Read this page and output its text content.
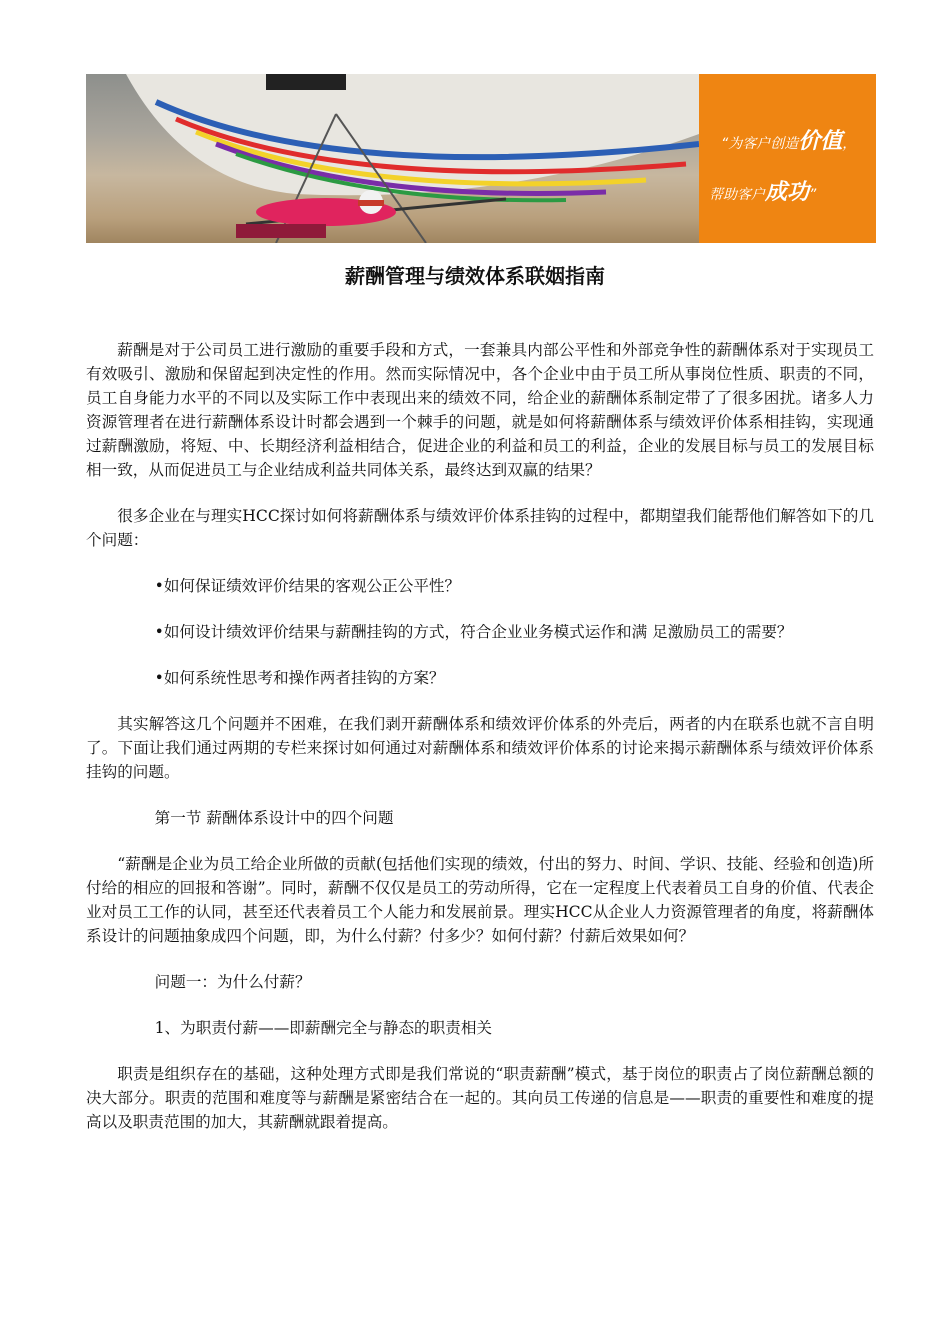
“为客户创造价值，
帮助客户成功”
薪酬管理与绩效体系联姻指南

薪酬是对于公司员工进行激励的重要手段和方式，一套兼具内部公平性和外部竞争性的薪酬体系对于实现员工有效吸引、激励和保留起到决定性的作用。然而实际情况中，各个企业中由于员工所从事岗位性质、职责的不同，员工自身能力水平的不同以及实际工作中表现出来的绩效不同，给企业的薪酬体系制定带了了很多困扰。诸多人力资源管理者在进行薪酬体系设计时都会遇到一个棘手的问题，就是如何将薪酬体系与绩效评价体系相挂钩，实现通过薪酬激励，将短、中、长期经济利益相结合，促进企业的利益和员工的利益，企业的发展目标与员工的发展目标相一致，从而促进员工与企业结成利益共同体关系，最终达到双赢的结果？

很多企业在与理实HCC探讨如何将薪酬体系与绩效评价体系挂钩的过程中，都期望我们能帮他们解答如下的几个问题：

•如何保证绩效评价结果的客观公正公平性？

•如何设计绩效评价结果与薪酬挂钩的方式，符合企业业务模式运作和满 足激励员工的需要？

•如何系统性思考和操作两者挂钩的方案？

其实解答这几个问题并不困难，在我们剥开薪酬体系和绩效评价体系的外壳后，两者的内在联系也就不言自明了。下面让我们通过两期的专栏来探讨如何通过对薪酬体系和绩效评价体系的讨论来揭示薪酬体系与绩效评价体系挂钩的问题。

第一节 薪酬体系设计中的四个问题

“薪酬是企业为员工给企业所做的贡献(包括他们实现的绩效，付出的努力、时间、学识、技能、经验和创造)所付给的相应的回报和答谢”。同时，薪酬不仅仅是员工的劳动所得，它在一定程度上代表着员工自身的价值、代表企业对员工工作的认同，甚至还代表着员工个人能力和发展前景。理实HCC从企业人力资源管理者的角度，将薪酬体系设计的问题抽象成四个问题，即，为什么付薪？付多少？如何付薪？付薪后效果如何？

问题一：为什么付薪？

1、为职责付薪——即薪酬完全与静态的职责相关

职责是组织存在的基础，这种处理方式即是我们常说的“职责薪酬”模式，基于岗位的职责占了岗位薪酬总额的决大部分。职责的范围和难度等与薪酬是紧密结合在一起的。其向员工传递的信息是——职责的重要性和难度的提高以及职责范围的加大，其薪酬就跟着提高。
